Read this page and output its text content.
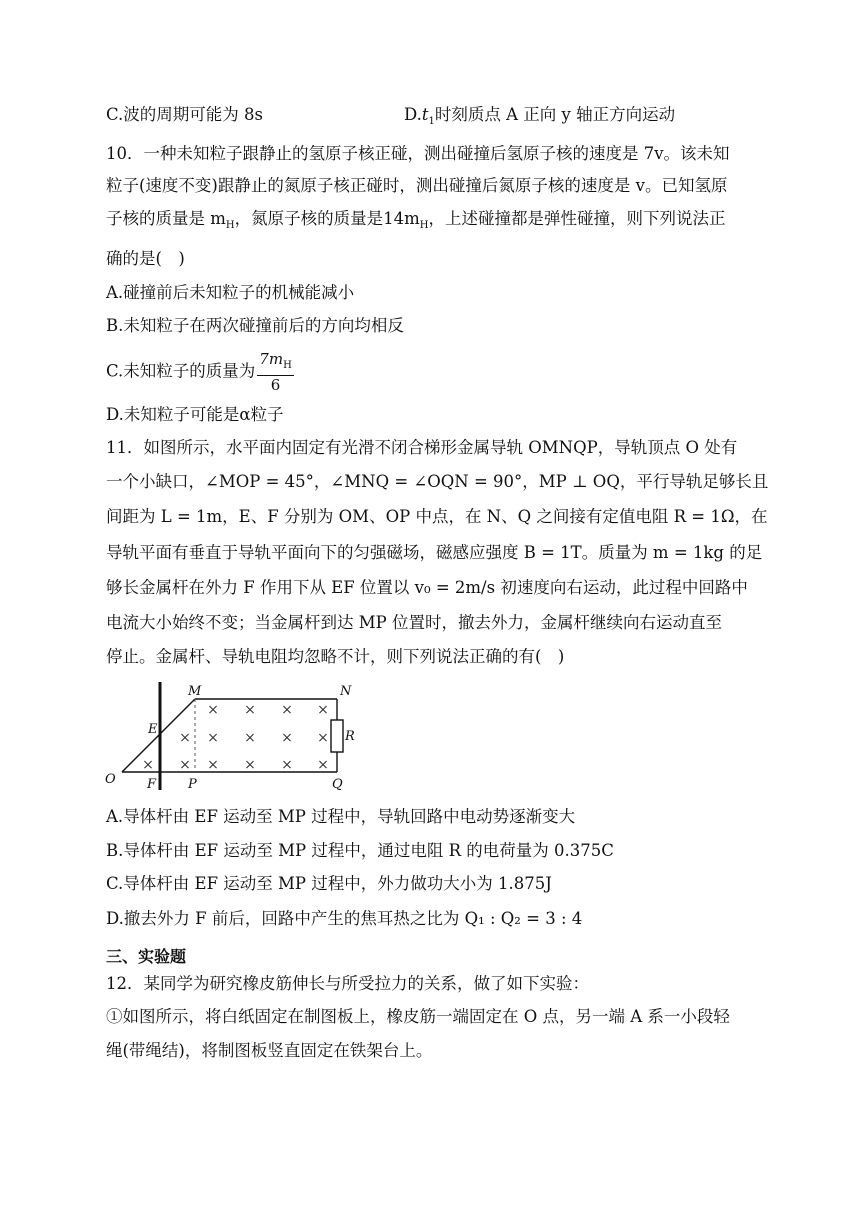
C.波的周期可能为 8s	$D.t_1$时刻质点 A 正向 y 轴正方向运动
10．一种未知粒子跟静止的氢原子核正碰，测出碰撞后氢原子核的速度是 7v。该未知
粒子(速度不变)跟静止的氮原子核正碰时，测出碰撞后氮原子核的速度是 v。已知氢原
子核的质量是 $m_H$，氮原子核的质量是$14m_H$，上述碰撞都是弹性碰撞，则下列说法正
确的是(　)
A.碰撞前后未知粒子的机械能减小
B.未知粒子在两次碰撞前后的方向均相反
C.未知粒子的质量为 $\frac{7m_H}{6}$
D.未知粒子可能是α粒子
11．如图所示，水平面内固定有光滑不闭合梯形金属导轨 OMNQP，导轨顶点 O 处有
一个小缺口，∠MOP = 45°，∠MNQ = ∠OQN = 90°，MP ⊥ OQ，平行导轨足够长且
间距为 L = 1m，E、F 分别为 OM、OP 中点，在 N、Q 之间接有定值电阻 R = 1Ω，在
导轨平面有垂直于导轨平面向下的匀强磁场，磁感应强度 B = 1T。质量为 m = 1kg 的足
够长金属杆在外力 F 作用下从 EF 位置以 v₀ = 2m/s 初速度向右运动，此过程中回路中
电流大小始终不变；当金属杆到达 MP 位置时，撤去外力，金属杆继续向右运动直至
停止。金属杆、导轨电阻均忽略不计，则下列说法正确的有(　)
× × × ×
× × × × ×
× × × × × ×
M	N
E	R
O F P	Q
A.导体杆由 EF 运动至 MP 过程中，导轨回路中电动势逐渐变大
B.导体杆由 EF 运动至 MP 过程中，通过电阻 R 的电荷量为 0.375C
C.导体杆由 EF 运动至 MP 过程中，外力做功大小为 1.875J
D.撤去外力 F 前后，回路中产生的焦耳热之比为 Q₁ : Q₂ = 3 : 4
三、实验题
12．某同学为研究橡皮筋伸长与所受拉力的关系，做了如下实验：
①如图所示，将白纸固定在制图板上，橡皮筋一端固定在 O 点，另一端 A 系一小段轻
绳(带绳结)，将制图板竖直固定在铁架台上。
